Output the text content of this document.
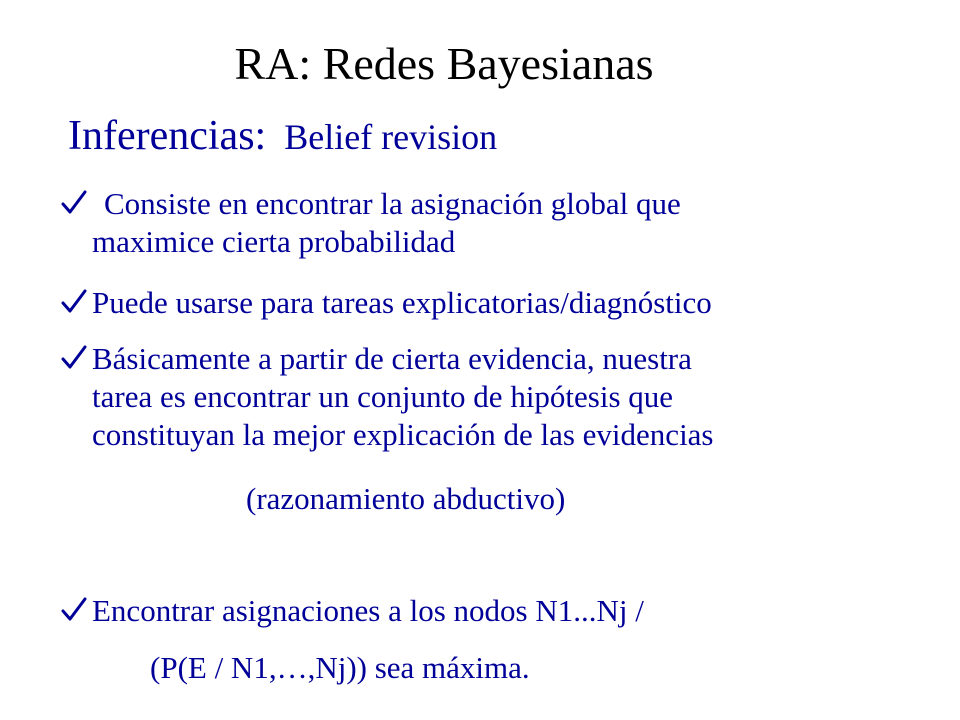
RA: Redes Bayesianas
Inferencias: Belief revision
Consiste en encontrar la asignación global que
maximice cierta probabilidad
Puede usarse para tareas explicatorias/diagnóstico
Básicamente a partir de cierta evidencia, nuestra
tarea es encontrar un conjunto de hipótesis que
constituyan la mejor explicación de las evidencias
(razonamiento abductivo)
Encontrar asignaciones a los nodos N1...Nj /
(P(E / N1,…,Nj)) sea máxima.
